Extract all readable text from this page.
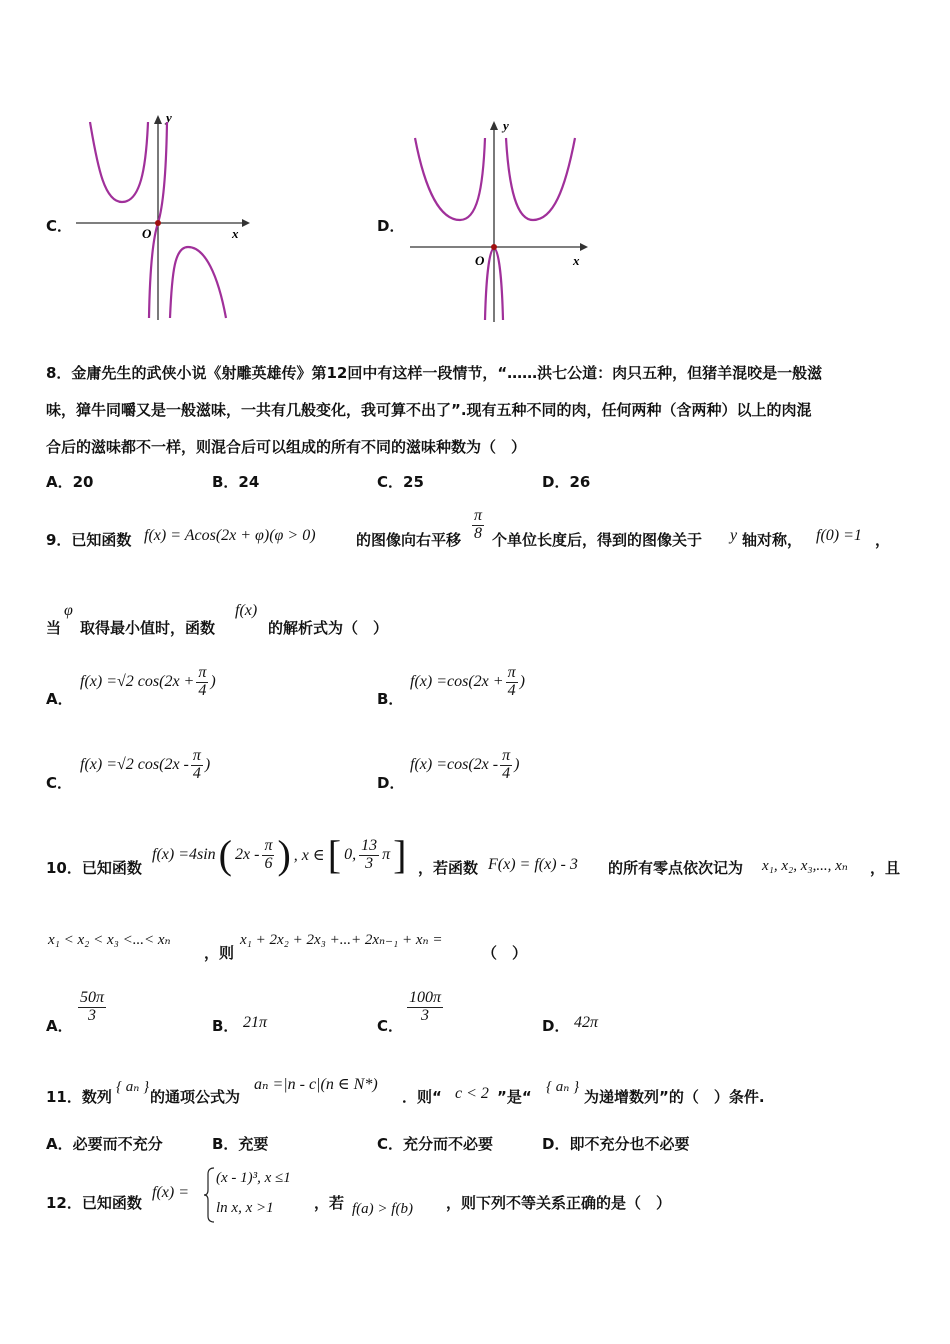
C．	x
y
O	D．
x
y
O
8．金庸先生的武侠小说《射雕英雄传》第12回中有这样一段情节，“……洪七公道：肉只五种，但猪羊混咬是一般滋
味，獐牛同嚼又是一般滋味，一共有几般变化，我可算不出了”.现有五种不同的肉，任何两种（含两种）以上的肉混
合后的滋味都不一样，则混合后可以组成的所有不同的滋味种数为（　）
A．20	B．24	C．25	D．26
9．已知函数 f(x) = Acos(2x + φ)(φ > 0)	的图像向右平移 $\frac{\pi}{8}$ 个单位长度后，得到的图像关于 y 轴对称， f(0) =1 ，
当
φ
取得最小值时，函数
f(x)
的解析式为（　）
A．
f(x) =√2 $\cos(2x + \frac{\pi}{4}$ )
B．
$f(x) =\cos(2x + \frac{\pi}{4}$ )
C．
f(x) =√2 $\cos(2x - \frac{\pi}{4}$ )
D．
$f(x) =\cos(2x - \frac{\pi}{4}$ )
10．已知函数
f(x) =4sin ( $2x - \frac{\pi}{6}$ ) , x ∈ [ 0, $\frac{13}{3}$ π ] ，若函数 F(x) = f(x) - 3 的所有零点依次记为 x₁, x₂, x₃,..., xₙ ，且
x₁ < x₂ < x₃ <...< xₙ
，则
x₁ + 2x₂ + 2x₃ +...+ 2xₙ₋₁ + xₙ =
（　）
A．
$\frac{50\pi}{3}$
B． 21π	C．
$\frac{100\pi}{3}$
D． 42π
11．数列
{ aₙ }
的通项公式为
aₙ =|n - c|(n ∈ N*)
．则“ c < 2 ”是“
{ aₙ }
为递增数列”的（　）条件.
A．必要而不充分	B．充要	C．充分而不必要	D．即不充分也不必要
12．已知函数
f(x) =
(x - 1)³, x ≤1
ln x, x >1	，若 f(a) > f(b) ，则下列不等关系正确的是（　）
